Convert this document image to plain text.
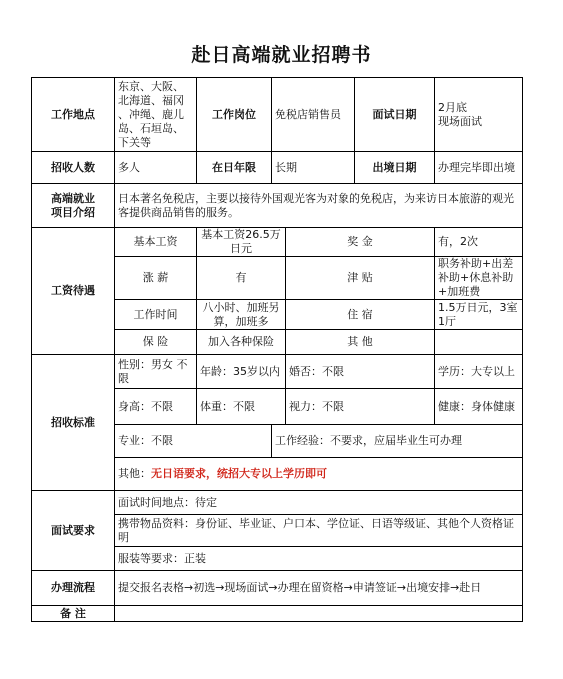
赴日高端就业招聘书
工作地点	东京、大阪、
北海道、福冈
、冲绳、鹿儿
岛、石垣岛、
下关等	工作岗位	免税店销售员		面试日期	2月底
现场面试

招收人数	多人	在日年限	长期		出境日期	办理完毕即出境

高端就业
项目介绍	日本著名免税店，主要以接待外国观光客为对象的免税店，为来访日本旅游的观光客提供商品销售的服务。					
工资待遇	基本工资	基本工资26.5万日元		奖 金		有，2次
	涨 薪	有		津 贴		职务补助+出差补助+休息补助+加班费
	工作时间	八小时、加班另算，加班多		住 宿		1.5万日元，3室1厅
	保 险	加入各种保险		其 他		
招收标准	性别：男女 不限	年龄：35岁以内		婚否：不限		学历：大专以上
	身高：不限	体重：不限		视力：不限		健康：身体健康
	专业：不限		工作经验：不要求，应届毕业生可办理			
	其他：无日语要求，统招大专以上学历即可					
面试要求	面试时间地点：待定					
	携带物品资料：身份证、毕业证、户口本、学位证、日语等级证、其他个人资格证明					
	服装等要求：正装					
办理流程	提交报名表格→初选→现场面试→办理在留资格→申请签证→出境安排→赴日					
备 注						
